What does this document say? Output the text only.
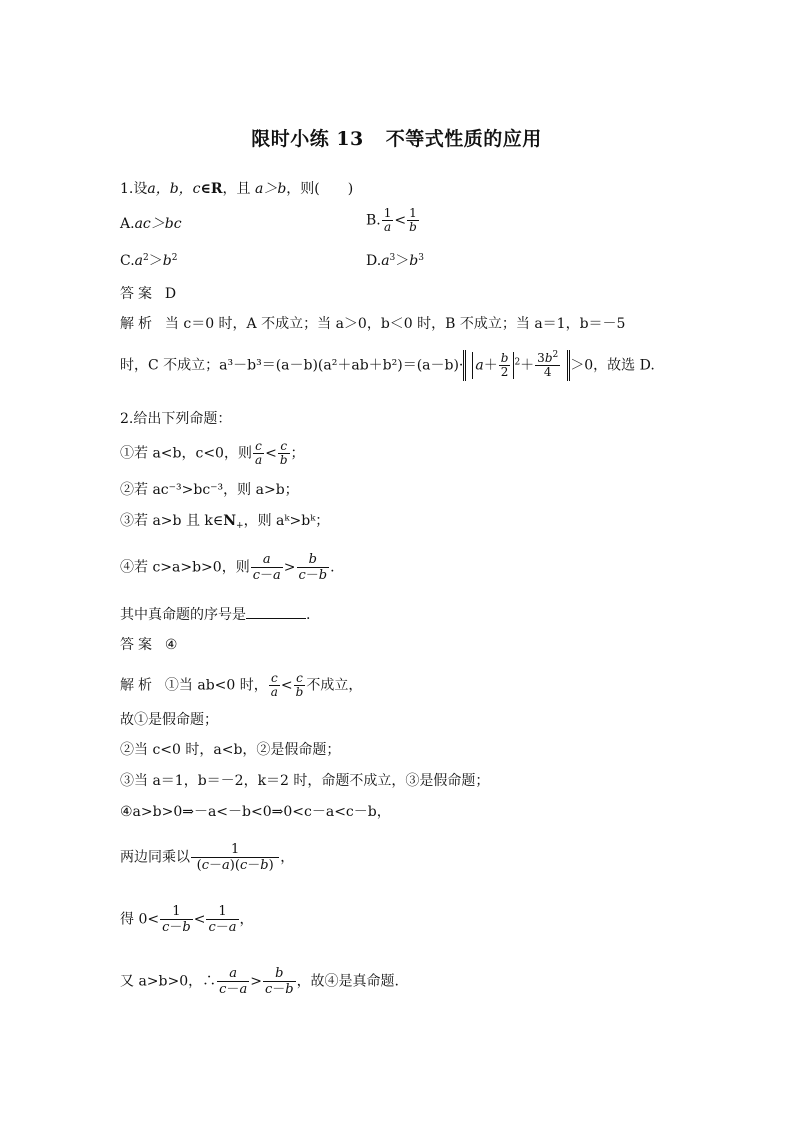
限时小练 13 不等式性质的应用
1.设a，b，c∈R，且 a＞b，则(　　)
A.ac＞bc	B. $\frac{1}{a} < \frac{1}{b}$
$C.a^2>b^2$	$D.a^3>b^3$
答案 D
解析 当 c＝0 时，A 不成立；当 a＞0，b＜0 时，B 不成立；当 a＝1，b＝－5
时，C 不成立；$a^3-b^3=(a-b)(a^2+ab+b^2)=(a-b)\cdot a+ \frac{b}{2} ^2+ \frac{3b^2}{4} >0$，故选 D.
2.给出下列命题：
①若 a<b，c<0，则 $\frac{c}{a} < \frac{c}{b}$ ；
②若 ac⁻³>bc⁻³，则 a>b；
③若 a>b 且 $k\in N_+$，则 aᵏ>bᵏ；
④若 c>a>b>0，则 $\frac{a}{c-a} > \frac{b}{c-b}$ .
其中真命题的序号是	.
答案 ④
解析 ①当 ab<0 时， $\frac{c}{a} < \frac{c}{b}$ 不成立，
故①是假命题；
②当 c<0 时，a<b，②是假命题；
③当 a＝1，b＝－2，k＝2 时，命题不成立，③是假命题；
④a>b>0⇒－a<－b<0⇒0<c－a<c－b，
两边同乘以 $\frac{1}{(c-a)(c-b)}$ ，
得 $0< \frac{1}{c-b} < \frac{1}{c-a}$ ，
又 a>b>0，∴ $\frac{a}{c-a} > \frac{b}{c-b}$ ，故④是真命题.
